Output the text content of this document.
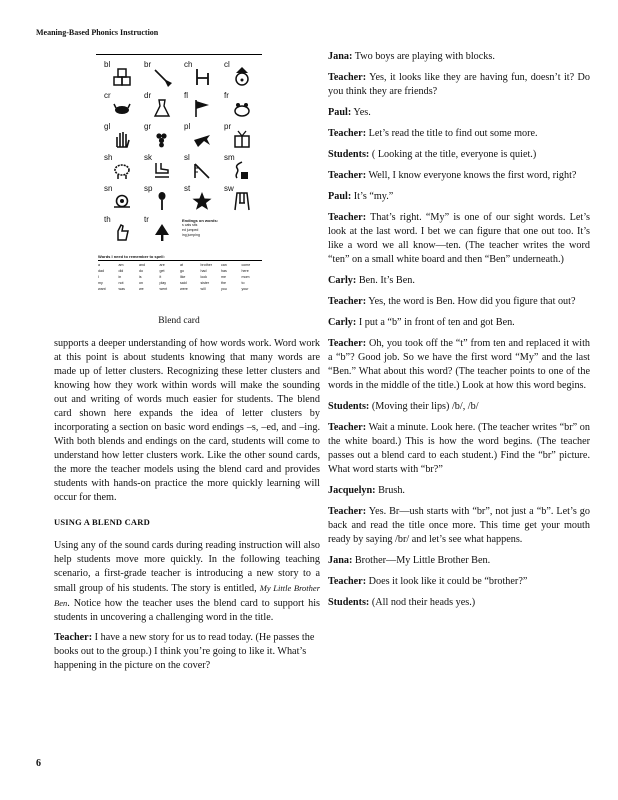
Meaning-Based Phonics Instruction
bl	br	ch	cl
cr	dr	fl	fr
gl	gr	pl	pr
sh	sk	sl	sm
sn	sp	st	sw
th	tr	Endings on words:
s cats sits
ed jumped
ing jumping
Words I need to remember to spell:
a	am	and	are	at	brother	can	come
dad	did	do	get	go	had	has	here
I	in	is	it	like	look	me	mom
my	not	on	play	said	sister	the	to
want	was	we	went	were	will	you	your
Blend card

supports a deeper understanding of how words work. Word work at this point is about students knowing that many words are made up of letter clusters. Recognizing these letter clusters and knowing how they work within words will make the sounding out and writing of words much easier for students. The blend card shown here expands the idea of letter clusters by incorporating a section on basic word endings –s, –ed, and –ing. With both blends and endings on the card, students will come to understand how letter clusters work. Like the other sound cards, the more the teacher models using the blend card and provides students with hands-on practice the more quickly learning will occur for them.

USING A BLEND CARD

Using any of the sound cards during reading instruction will also help students move more quickly. In the following teaching scenario, a first-grade teacher is introducing a new story to a small group of his students. The story is entitled, My Little Brother Ben. Notice how the teacher uses the blend card to support his students in uncovering a challenging word in the title.

Teacher: I have a new story for us to read today. (He passes the books out to the group.) I think you’re going to like it. What’s happening in the picture on the cover?

Jana: Two boys are playing with blocks.

Teacher: Yes, it looks like they are having fun, doesn’t it? Do you think they are friends?

Paul: Yes.

Teacher: Let’s read the title to find out some more.

Students: ( Looking at the title, everyone is quiet.)

Teacher: Well, I know everyone knows the first word, right?

Paul: It’s “my.”

Teacher: That’s right. “My” is one of our sight words. Let’s look at the last word. I bet we can figure that one out too. It’s like a word we all know—ten. (The teacher writes the word “ten” on a small white board and then “Ben” underneath.)

Carly: Ben. It’s Ben.

Teacher: Yes, the word is Ben. How did you figure that out?

Carly: I put a “b” in front of ten and got Ben.

Teacher: Oh, you took off the “t” from ten and replaced it with a “b”? Good job. So we have the first word “My” and the last “Ben.” What about this word? (The teacher points to one of the words in the middle of the title.) Look at how this word begins.

Students: (Moving their lips) /b/, /b/

Teacher: Wait a minute. Look here. (The teacher writes “br” on the white board.) This is how the word begins. (The teacher passes out a blend card to each student.) Find the “br” picture. What word starts with “br?”

Jacquelyn: Brush.

Teacher: Yes. Br—ush starts with “br”, not just a “b”. Let’s go back and read the title once more. This time get your mouth ready by saying /br/ and let’s see what happens.

Jana: Brother—My Little Brother Ben.

Teacher: Does it look like it could be “brother?”

Students: (All nod their heads yes.)

6
